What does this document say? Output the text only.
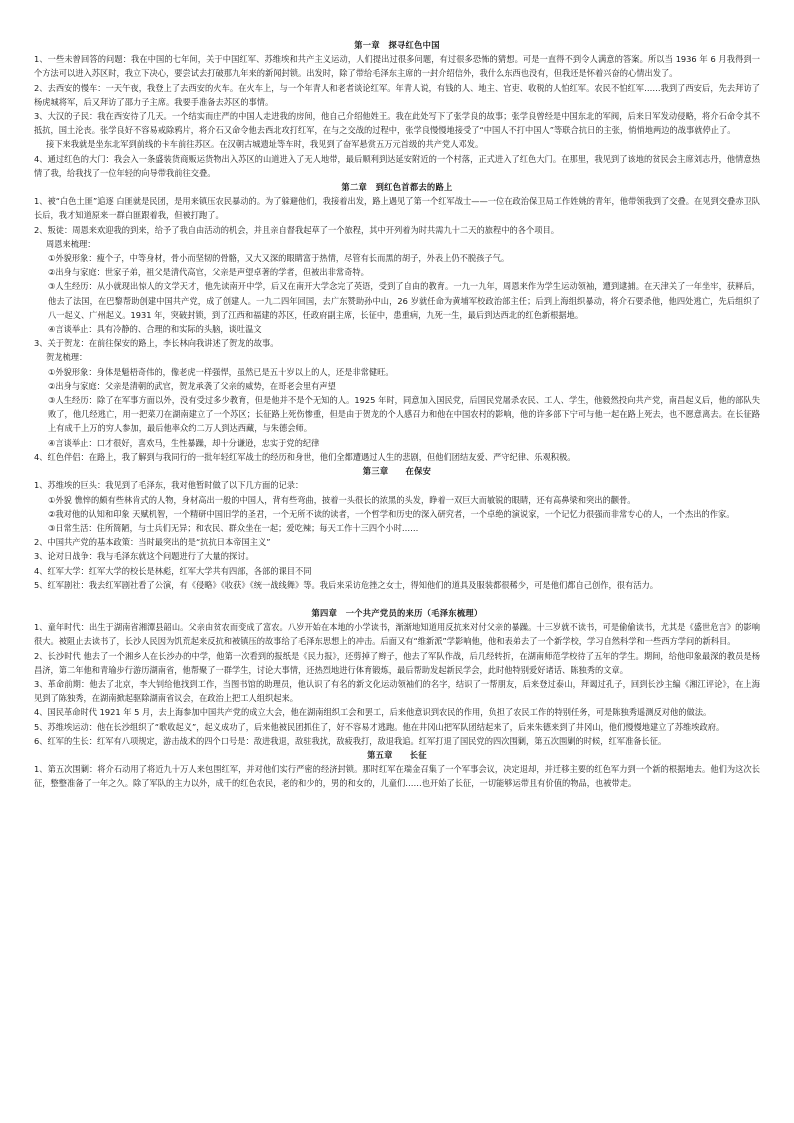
第一章　探寻红色中国
1、一些未曾回答的问题：我在中国的七年间，关于中国红军、苏维埃和共产主义运动，人们提出过很多问题，有过很多恐怖的猜想。可是一直得不到令人满意的答案。所以当 1936 年 6 月我得到一个方法可以进入苏区时，我立下决心，要尝试去打破那九年来的新闻封锁。出发时，除了带给毛泽东主席的一封介绍信外，我什么东西也没有，但我还是怀着兴奋的心情出发了。
2、去西安的慢车：一天午夜，我登上了去西安的火车。在火车上，与一个年青人和老者谈论红军。年青人说，有钱的人、地主、官吏、收税的人怕红军。农民不怕红军……我到了西安后，先去拜访了杨虎城将军，后又拜访了邵力子主席。我要手准备去苏区的事情。
3、大汉的子民：我在西安待了几天。一个结实而庄严的中国人走进我的房间，他自己介绍他姓王。我在此处写下了张学良的故事；张学良曾经是中国东北的军阀，后来日军发动侵略，将介石命令其不抵抗，国土沦丧。张学良好不容易戒除鸦片，将介石又命令他去西北攻打红军，在与之交战的过程中，张学良慢慢地接受了“中国人不打中国人”等联合抗日的主张，悄悄地两边的战事就停止了。
接下来我就是坐东北军到前线的卡车前往苏区。在汉朝古城遗址等车时，我见到了奋军悬赏五万元首级的共产党人邓发。
4、通过红色的大门：我会入一条盛装货商贩运货物出入苏区的山道进入了无人地带，最后顺利到达延安附近的一个村落，正式进入了红色大门。在那里，我见到了该地的贫民会主席刘志丹，他情意热情了我，给我找了一位年轻的向导带我前往交叠。
第二章　到红色首都去的路上
1、被“白色土匪”追逐 白匪就是民团，是用来镇压农民暴动的。为了躲避他们，我接着出发，路上遇见了第一个红军战士——一位在政治保卫局工作姓姚的青年，他带领我到了交叠。在见到交叠赤卫队长后，我才知道原来一群白匪跟着我，但被打跑了。
2、叛徒：周恩来欢迎我的到来，给予了我自由活动的机会，并且亲自督我起草了一个旅程，其中开列着为时共需九十二天的旅程中的各个项目。
周恩来梳理：
①外貌形象：瘦个子，中等身材，骨小而坚韧的骨骼，又大又深的眼睛富于热情，尽管有长而黑的胡子，外表上仍不脱孩子气。
②出身与家庭：世家子弟，祖父是清代高官，父亲是声望卓著的学者，但被出非常奇特。
③人生经历：从小就现出惊人的文学天才，他先读南开中学，后又在南开大学念完了英语，受到了自由的教育。一九一九年，周恩来作为学生运动领袖，遭到逮捕。在天津关了一年坐牢，获释后，他去了法国，在巴黎帮助创建中国共产党，成了创建人。一九二四年回国，去广东赞助孙中山，26 岁就任命为黄埔军校政治部主任；后到上海组织暴动，将介石要杀他，他四处逃亡，先后组织了八一起义、广州起义。1931 年，突破封锁，到了江西和福建的苏区，任政府副主席，长征中，患重病，九死一生，最后到达西北的红色新根据地。
④言谈举止：具有冷静的、合理的和实际的头脑，谈吐温文
3、关于贺龙：在前往保安的路上，李长林向我讲述了贺龙的故事。
贺龙梳理：
①外貌形象：身体是魁梧奇伟的，像老虎一样强悍，虽然已是五十岁以上的人，还是非常健旺。
②出身与家庭：父亲是清朝的武官，贺龙承袭了父亲的威势，在哥老会里有声望
③人生经历：除了在军事方面以外，没有受过多少教育，但是他并不是个无知的人。1925 年时，同意加入国民党，后国民党屠杀农民、工人、学生，他毅然投向共产党，南昌起义后，他的部队失败了，他几经逃亡，用一把菜刀在湖南建立了一个苏区；长征路上死伤惨重，但是由于贺龙的个人感召力和他在中国农村的影响，他的许多部下宁可与他一起在路上死去，也不愿意离去。在长征路上有成千上万的穷人参加，最后他率众约二万人到达西藏，与朱德会师。
④言谈举止：口才很好，喜欢马，生性暴躁，却十分谦逊，忠实于党的纪律
4、红色伴侣：在路上，我了解到与我同行的一批年轻红军战士的经历和身世，他们全都遭遇过人生的悲剧，但他们团结友爱、严守纪律、乐观积极。
第三章　　在保安
1、苏维埃的巨头：我见到了毛泽东，我对他暂时做了以下几方面的记录：
①外貌 憔悴的颇有些林肯式的人物，身材高出一般的中国人，背有些弯曲，披着一头很长的浓黑的头发，睁着一双巨大而敏锐的眼睛，还有高鼻梁和突出的颧骨。
②我对他的认知和印象 天赋机智，一个精研中国旧学的圣君，一个无所不读的读者，一个哲学和历史的深入研究者，一个卓绝的演说家，一个记忆力很强而非常专心的人，一个杰出的作家。
③日常生活：住所简陋，与士兵们无异；和农民、群众坐在一起；爱吃辣；每天工作十三四个小时……
2、中国共产党的基本政策：当时最突出的是“抗抗日本帝国主义”
3、论对日战争：我与毛泽东就这个问题进行了大量的探讨。
4、红军大学：红军大学的校长是林彪，红军大学共有四部，各部的课目不同
5、红军剧社：我去红军剧社看了公演，有《侵略》《收获》《统一战线舞》等。我后来采访危挫之女士，得知他们的道具及服装都很稀少，可是他们都自己创作，很有活力。
第四章　一个共产党员的来历（毛泽东梳理）
1、童年时代：出生于湖南省湘潭县韶山。父亲由贫农而变成了富农。八岁开始在本地的小学读书，渐渐地知道用反抗来对付父亲的暴躁。十三岁就不读书，可是偷偷读书，尤其是《盛世危言》的影响很大。被阻止去读书了，长沙人民因为饥荒起来反抗和被镇压的故事给了毛泽东思想上的冲击。后面又有“维新派”学影响他，他和表弟去了一个新学校，学习自然科学和一些西方学问的新科目。
2、长沙时代 他去了一个湘乡人在长沙办的中学，他第一次看到的报纸是《民力报》，还剪掉了辫子，他去了军队作战，后几经转折，在湖南师范学校待了五年的学生。期间，给他印象最深的教员是杨昌济，第二年他和青瑜步行游历湖南省，他帮聚了一群学生，讨论大事情，还热烈地进行体育锻炼，最后帮助发起新民学会，此时他特别爱好诸话、陈独秀的文章。
3、革命前期：他去了北京，李大钊给他找到工作，当图书馆的助理员，他认识了有名的新文化运动领袖们的名字，结识了一帮朋友，后来登过泰山，拜谒过孔子，回到长沙主编《湘江评论》，在上海见到了陈独秀，在湖南掀起驱除湖南省议会，在政治上把工人组织起来。
4、国民革命时代 1921 年 5 月，去上海参加中国共产党的成立大会，他在湖南组织工会和罢工，后来他意识到农民的作用，负担了农民工作的特别任务，可是陈独秀遥测反对他的做法。
5、苏维埃运动：他在长沙组织了“歌收起义”，起义成功了，后来他被民团抓住了，好不容易才逃跑。他在井冈山把军队团结起来了，后来朱德来到了井冈山，他们慢慢地建立了苏维埃政府。
6、红军的生长：红军有八项规定，游击战术的四个口号是：敌进我退，敌驻我扰，敌疲我打，敌退我追。红军打退了国民党的四次围剿，第五次围剿的时候，红军准备长征。
第五章　　长征
1、第五次围剿：将介石动用了将近九十万人来包围红军，并对他们实行严密的经济封锁。那时红军在瑞金召集了一个军事会议，决定退却，并迁移主要的红色军力到一个新的根据地去。他们为这次长征，整整准备了一年之久。除了军队的主力以外，成千的红色农民，老的和少的，男的和女的，儿童们……也开始了长征，一切能够运带且有价值的物品，也被带走。
